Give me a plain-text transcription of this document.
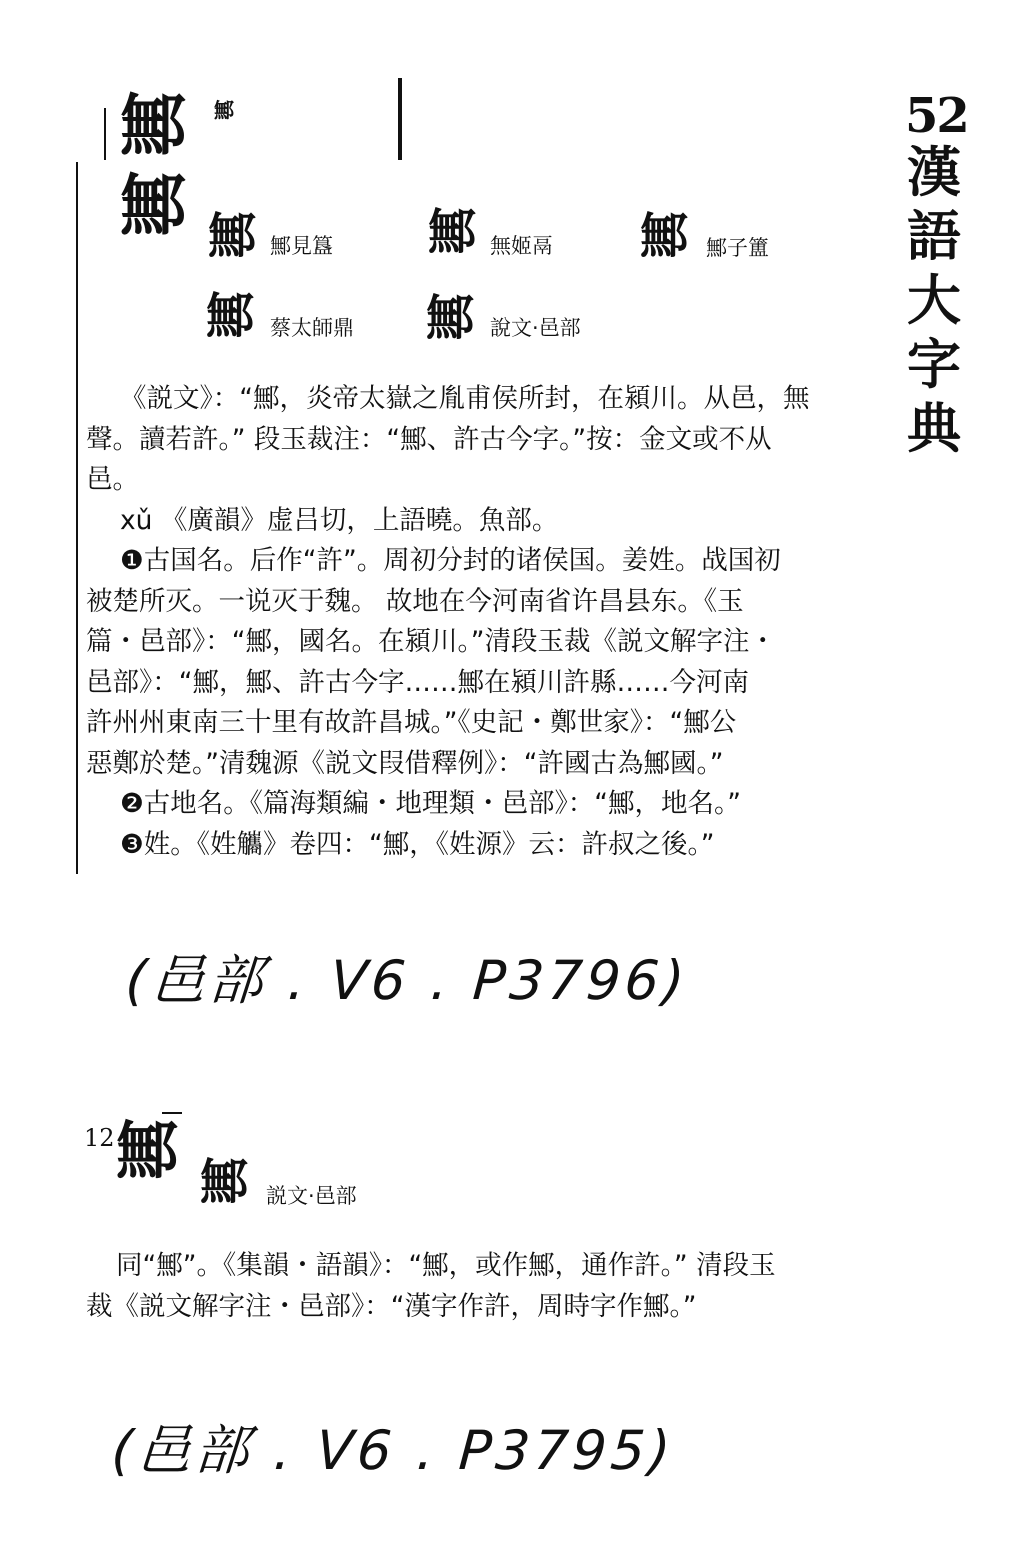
52
漢
語
大
字
典
鄦 鄦
鄦 鄦 鄦見簋 鄦 無姬鬲 鄦 鄦子簠
鄦 蔡太師鼎 鄦 說文·邑部

《説文》：“鄦，炎帝太嶽之胤甫侯所封，在潁川。从邑，無

聲。讀若許。” 段玉裁注：“鄦、許古今字。”按：金文或不从

邑。

xǔ 《廣韻》虚吕切，上語曉。魚部。

❶古国名。后作“許”。周初分封的诸侯国。姜姓。战国初

被楚所灭。一说灭于魏。 故地在今河南省许昌县东。《玉

篇・邑部》：“鄦，國名。在潁川。”清段玉裁《説文解字注・

邑部》：“鄦，鄦、許古今字……鄦在潁川許縣……今河南

許州州東南三十里有故許昌城。”《史記・鄭世家》：“鄦公

惡鄭於楚。”清魏源《説文叚借釋例》：“許國古為鄦國。”

❷古地名。《篇海類編・地理類・邑部》：“鄦，地名。”

❸姓。《姓觿》卷四：“鄦，《姓源》云：許叔之後。”

(邑部 . V6 . P3796)
12 鄦 鄦 説文·邑部

同“鄦”。《集韻・語韻》：“鄦，或作鄦，通作許。” 清段玉

裁《説文解字注・邑部》：“漢字作許，周時字作鄦。”

(邑部 . V6 . P3795)
